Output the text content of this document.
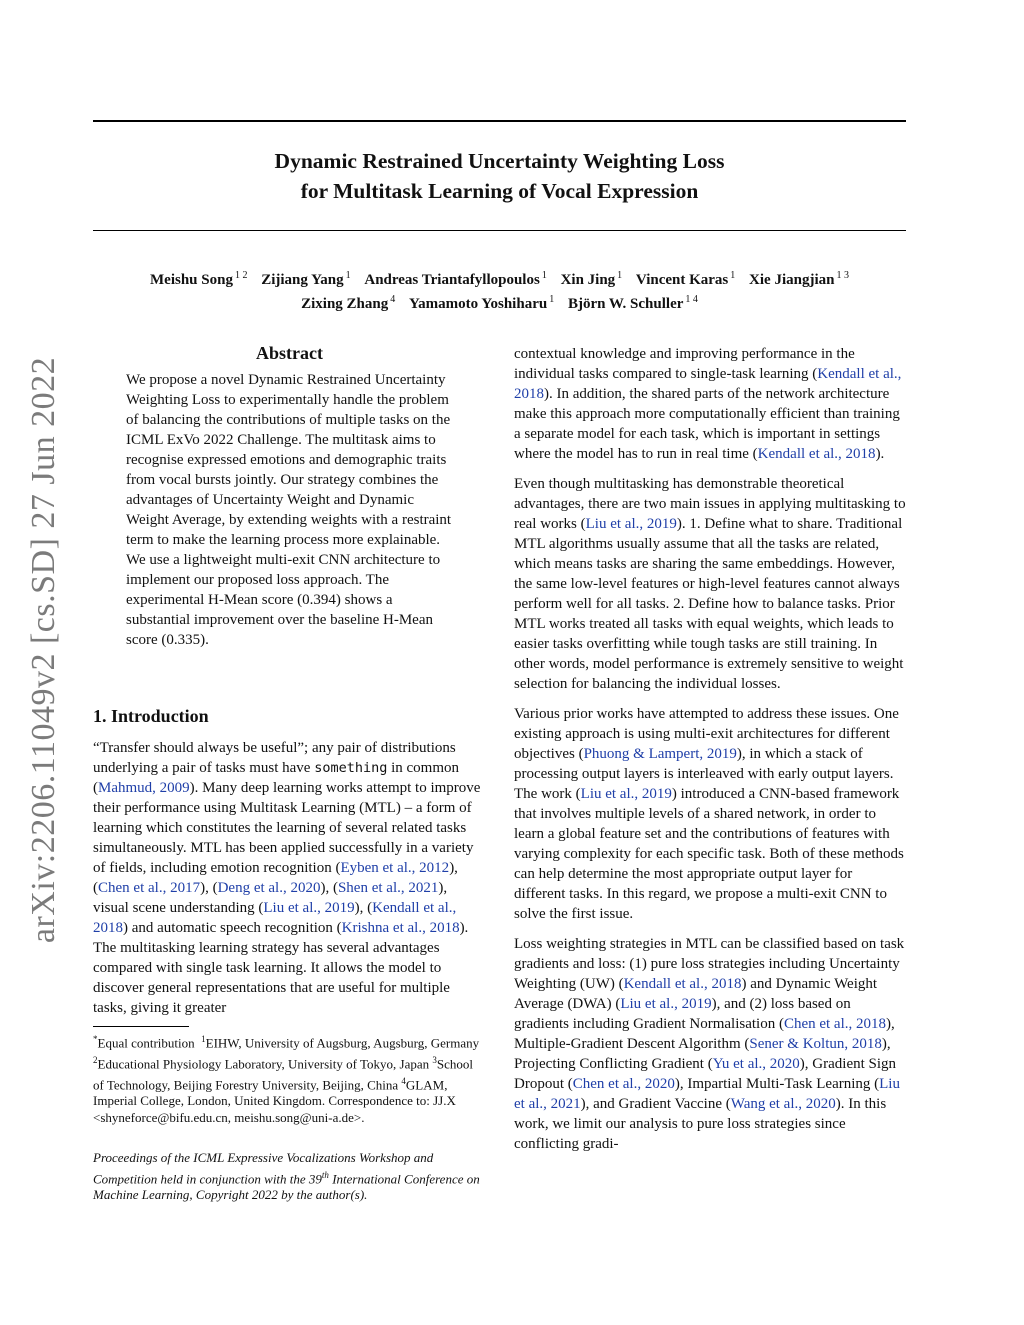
Dynamic Restrained Uncertainty Weighting Loss
for Multitask Learning of Vocal Expression
Meishu Song $^{1 2}$ Zijiang Yang $^1$ Andreas Triantafyllopoulos $^1$ Xin Jing $^1$ Vincent Karas $^1$ Xie Jiangjian $^{1 3}$
Zixing Zhang $^4$ Yamamoto Yoshiharu $^1$ Björn W. Schuller $^{1 4}$
arXiv:2206.11049v2 [cs.SD] 27 Jun 2022
Abstract

We propose a novel Dynamic Restrained Uncertainty Weighting Loss to experimentally handle the problem of balancing the contributions of multiple tasks on the ICML ExVo 2022 Challenge. The multitask aims to recognise expressed emotions and demographic traits from vocal bursts jointly. Our strategy combines the advantages of Uncertainty Weight and Dynamic Weight Average, by extending weights with a restraint term to make the learning process more explainable. We use a lightweight multi-exit CNN architecture to implement our proposed loss approach. The experimental H-Mean score (0.394) shows a substantial improvement over the baseline H-Mean score (0.335).

1. Introduction

“Transfer should always be useful”; any pair of distributions underlying a pair of tasks must have something in common (Mahmud, 2009). Many deep learning works attempt to improve their performance using Multitask Learning (MTL) – a form of learning which constitutes the learning of several related tasks simultaneously. MTL has been applied successfully in a variety of fields, including emotion recognition (Eyben et al., 2012), (Chen et al., 2017), (Deng et al., 2020), (Shen et al., 2021), visual scene understanding (Liu et al., 2019), (Kendall et al., 2018) and automatic speech recognition (Krishna et al., 2018). The multitasking learning strategy has several advantages compared with single task learning. It allows the model to discover general representations that are useful for multiple tasks, giving it greater

*Equal contribution $^1$EIHW, University of Augsburg, Augsburg, Germany $^2$Educational Physiology Laboratory, University of Tokyo, Japan $^3$School of Technology, Beijing Forestry University, Beijing, China $^4$GLAM, Imperial College, London, United Kingdom. Correspondence to: JJ.X <shyneforce@bifu.edu.cn, meishu.song@uni-a.de>.

Proceedings of the ICML Expressive Vocalizations Workshop and Competition held in conjunction with the 39th International Conference on Machine Learning, Copyright 2022 by the author(s).

contextual knowledge and improving performance in the individual tasks compared to single-task learning (Kendall et al., 2018). In addition, the shared parts of the network architecture make this approach more computationally efficient than training a separate model for each task, which is important in settings where the model has to run in real time (Kendall et al., 2018).

Even though multitasking has demonstrable theoretical advantages, there are two main issues in applying multitasking to real works (Liu et al., 2019). 1. Define what to share. Traditional MTL algorithms usually assume that all the tasks are related, which means tasks are sharing the same embeddings. However, the same low-level features or high-level features cannot always perform well for all tasks. 2. Define how to balance tasks. Prior MTL works treated all tasks with equal weights, which leads to easier tasks overfitting while tough tasks are still training. In other words, model performance is extremely sensitive to weight selection for balancing the individual losses.

Various prior works have attempted to address these issues. One existing approach is using multi-exit architectures for different objectives (Phuong & Lampert, 2019), in which a stack of processing output layers is interleaved with early output layers. The work (Liu et al., 2019) introduced a CNN-based framework that involves multiple levels of a shared network, in order to learn a global feature set and the contributions of features with varying complexity for each specific task. Both of these methods can help determine the most appropriate output layer for different tasks. In this regard, we propose a multi-exit CNN to solve the first issue.

Loss weighting strategies in MTL can be classified based on task gradients and loss: (1) pure loss strategies including Uncertainty Weighting (UW) (Kendall et al., 2018) and Dynamic Weight Average (DWA) (Liu et al., 2019), and (2) loss based on gradients including Gradient Normalisation (Chen et al., 2018), Multiple-Gradient Descent Algorithm (Sener & Koltun, 2018), Projecting Conflicting Gradient (Yu et al., 2020), Gradient Sign Dropout (Chen et al., 2020), Impartial Multi-Task Learning (Liu et al., 2021), and Gradient Vaccine (Wang et al., 2020). In this work, we limit our analysis to pure loss strategies since conflicting gradi-
